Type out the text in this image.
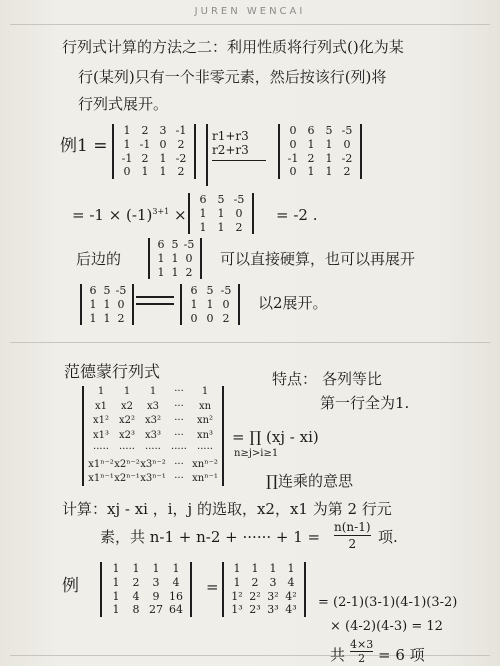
JUREN WENCAI
行列式计算的方法之二：利用性质将行列式()化为某
行(某列)只有一个非零元素，然后按该行(列)将
行列式展开。
例1 =
1	2	3 -1
1 -1 0	2
-1 2	1 -2
0	1	1	2
r1+r3
r2+r3
0	6	5 -5
0	1	1	0
-1 2	1 -2
0	1	1	2
= $-1 \times (-1)^{3+1}$ ×
6	5 -5
1	1	0
1	1	2
= -2 .
后边的
6 5 -5
1 1 0
1 1 2
可以直接硬算，也可以再展开
6 5 -5
1 1 0
1 1 2
6 5 -5
1 1 0
0 0 2
以2展开。
范德蒙行列式	特点： 各列等比
第一行全为1.
1	1	1	···	1
x1	x2	x3	···	xn
x1² x2² x3²	···	xn²
x1³ x2³ x3³	···	xn³
·····	·····	·····	·····	·····
x1ⁿ⁻² x2ⁿ⁻² x3ⁿ⁻² ··· xnⁿ⁻²
x1ⁿ⁻¹ x2ⁿ⁻¹ x3ⁿ⁻¹ ··· xnⁿ⁻¹
= ∏ (xj - xi)
n≥j>i≥1
∏连乘的意思
计算：xj - xi ，i，j 的选取，x2，x1 为第 2 行元
素，共 n-1 + n-2 + ······ + 1 =
n(n-1)
2	项.
例
1	1	1	1
1	2	3	4
1	4	9 16
1	8 27 64
=
1	1	1	1
1	2	3	4
1² 2² 3² 4²
1³ 2³ 3³ 4³ = (2-1)(3-1)(4-1)(3-2)
× (4-2)(4-3) = 12
共
4×3
2 = 6 项
